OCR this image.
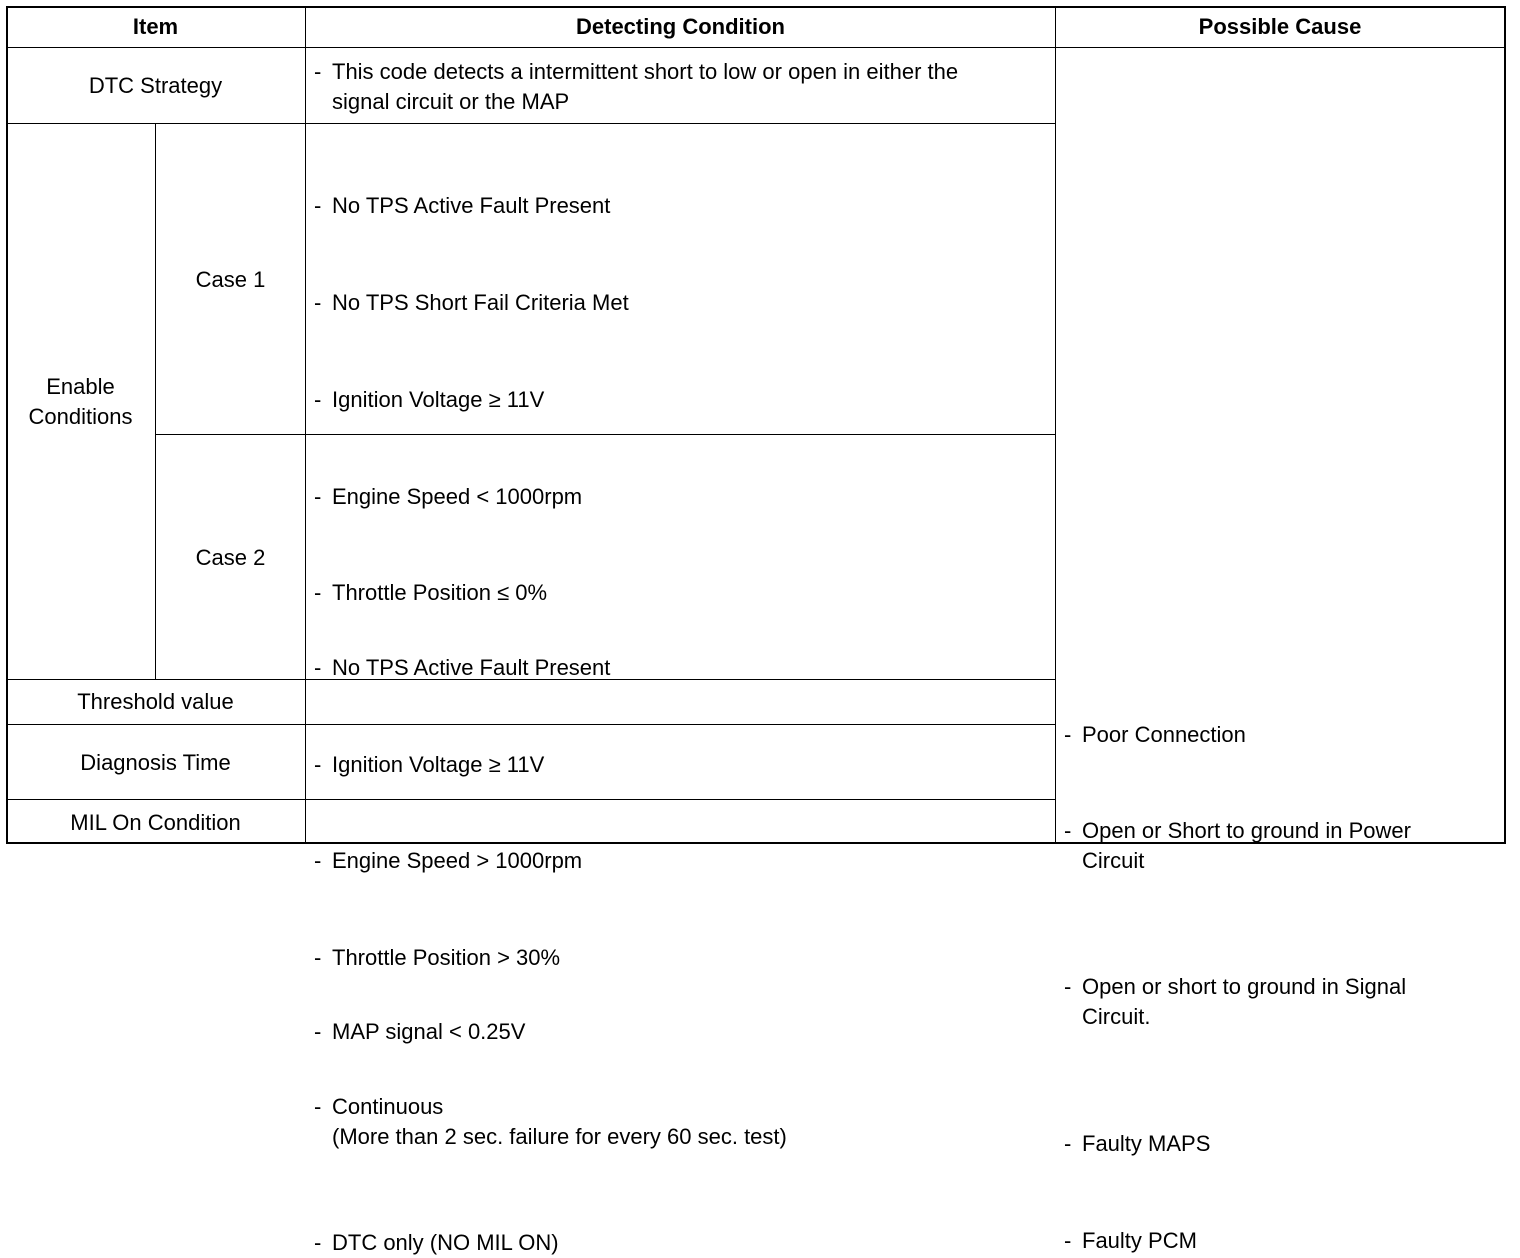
Item	Detecting Condition	Possible Cause
DTC Strategy
- This code detects a intermittent short to low or open in either the
signal circuit or the MAP
Enable
Conditions
Case 1
- No TPS Active Fault Present
- No TPS Short Fail Criteria Met
- Ignition Voltage ≥ 11V
- Engine Speed < 1000rpm
- Throttle Position ≤ 0%
Case 2
- No TPS Active Fault Present
- Ignition Voltage ≥ 11V
- Engine Speed > 1000rpm
- Throttle Position > 30%
Threshold value
- MAP signal < 0.25V
Diagnosis Time
- Continuous
(More than 2 sec. failure for every 60 sec. test)
MIL On Condition
- DTC only (NO MIL ON)
- Poor Connection
- Open or Short to ground in Power
Circuit
- Open or short to ground in Signal
Circuit.
- Faulty MAPS
- Faulty PCM
